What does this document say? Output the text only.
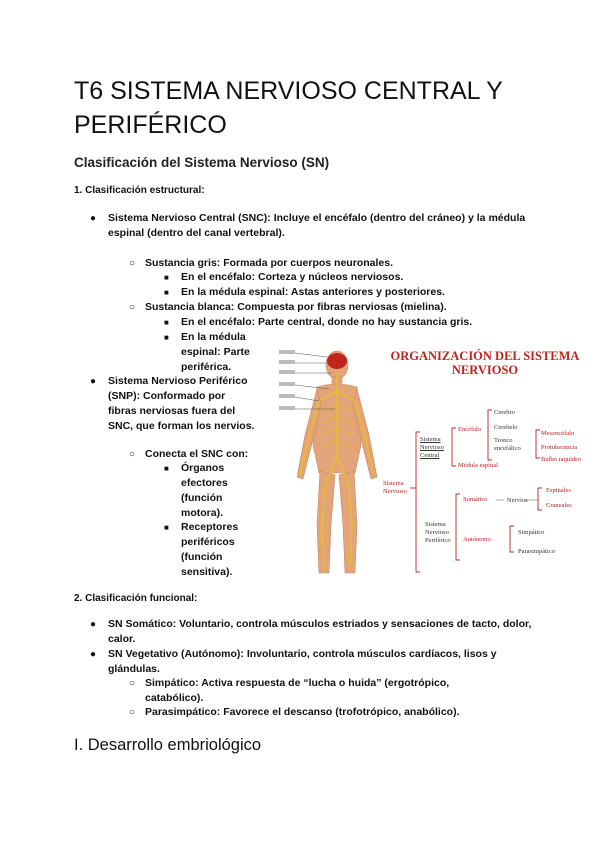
T6 SISTEMA NERVIOSO CENTRAL Y PERIFÉRICO
Clasificación del Sistema Nervioso (SN)
1. Clasificación estructural:
● Sistema Nervioso Central (SNC): Incluye el encéfalo (dentro del cráneo) y la médula espinal (dentro del canal vertebral).
○ Sustancia gris: Formada por cuerpos neuronales.
■ En el encéfalo: Corteza y núcleos nerviosos.
■ En la médula espinal: Astas anteriores y posteriores.
○ Sustancia blanca: Compuesta por fibras nerviosas (mielina).
■ En el encéfalo: Parte central, donde no hay sustancia gris.
■ En la médula
espinal: Parte
periférica.
● Sistema Nervioso Periférico
(SNP): Conformado por
fibras nerviosas fuera del
SNC, que forman los nervios.
○ Conecta el SNC con:
■ Órganos
efectores
(función
motora).
■ Receptores
periféricos
(función
sensitiva).
2. Clasificación funcional:
● SN Somático: Voluntario, controla músculos estriados y sensaciones de tacto, dolor, calor.
● SN Vegetativo (Autónomo): Involuntario, controla músculos cardíacos, lisos y glándulas.
○ Simpático: Activa respuesta de “lucha o huida” (ergotrópico, catabólico).
○ Parasimpático: Favorece el descanso (trofotrópico, anabólico).
I. Desarrollo embriológico
ORGANIZACIÓN DEL SISTEMA NERVIOSO
Sistema Nervioso
Sistema Nervioso Central
Sistema Nervioso Periférico
Encéfalo
Médula espinal
Cerebro
Cerebelo
Tronco encefálico
Mesencéfalo
Protuberancia
Bulbo raquídeo
Somático	Nervios
Espinales
Craneales
Autónomo
Simpático
Parasimpático
